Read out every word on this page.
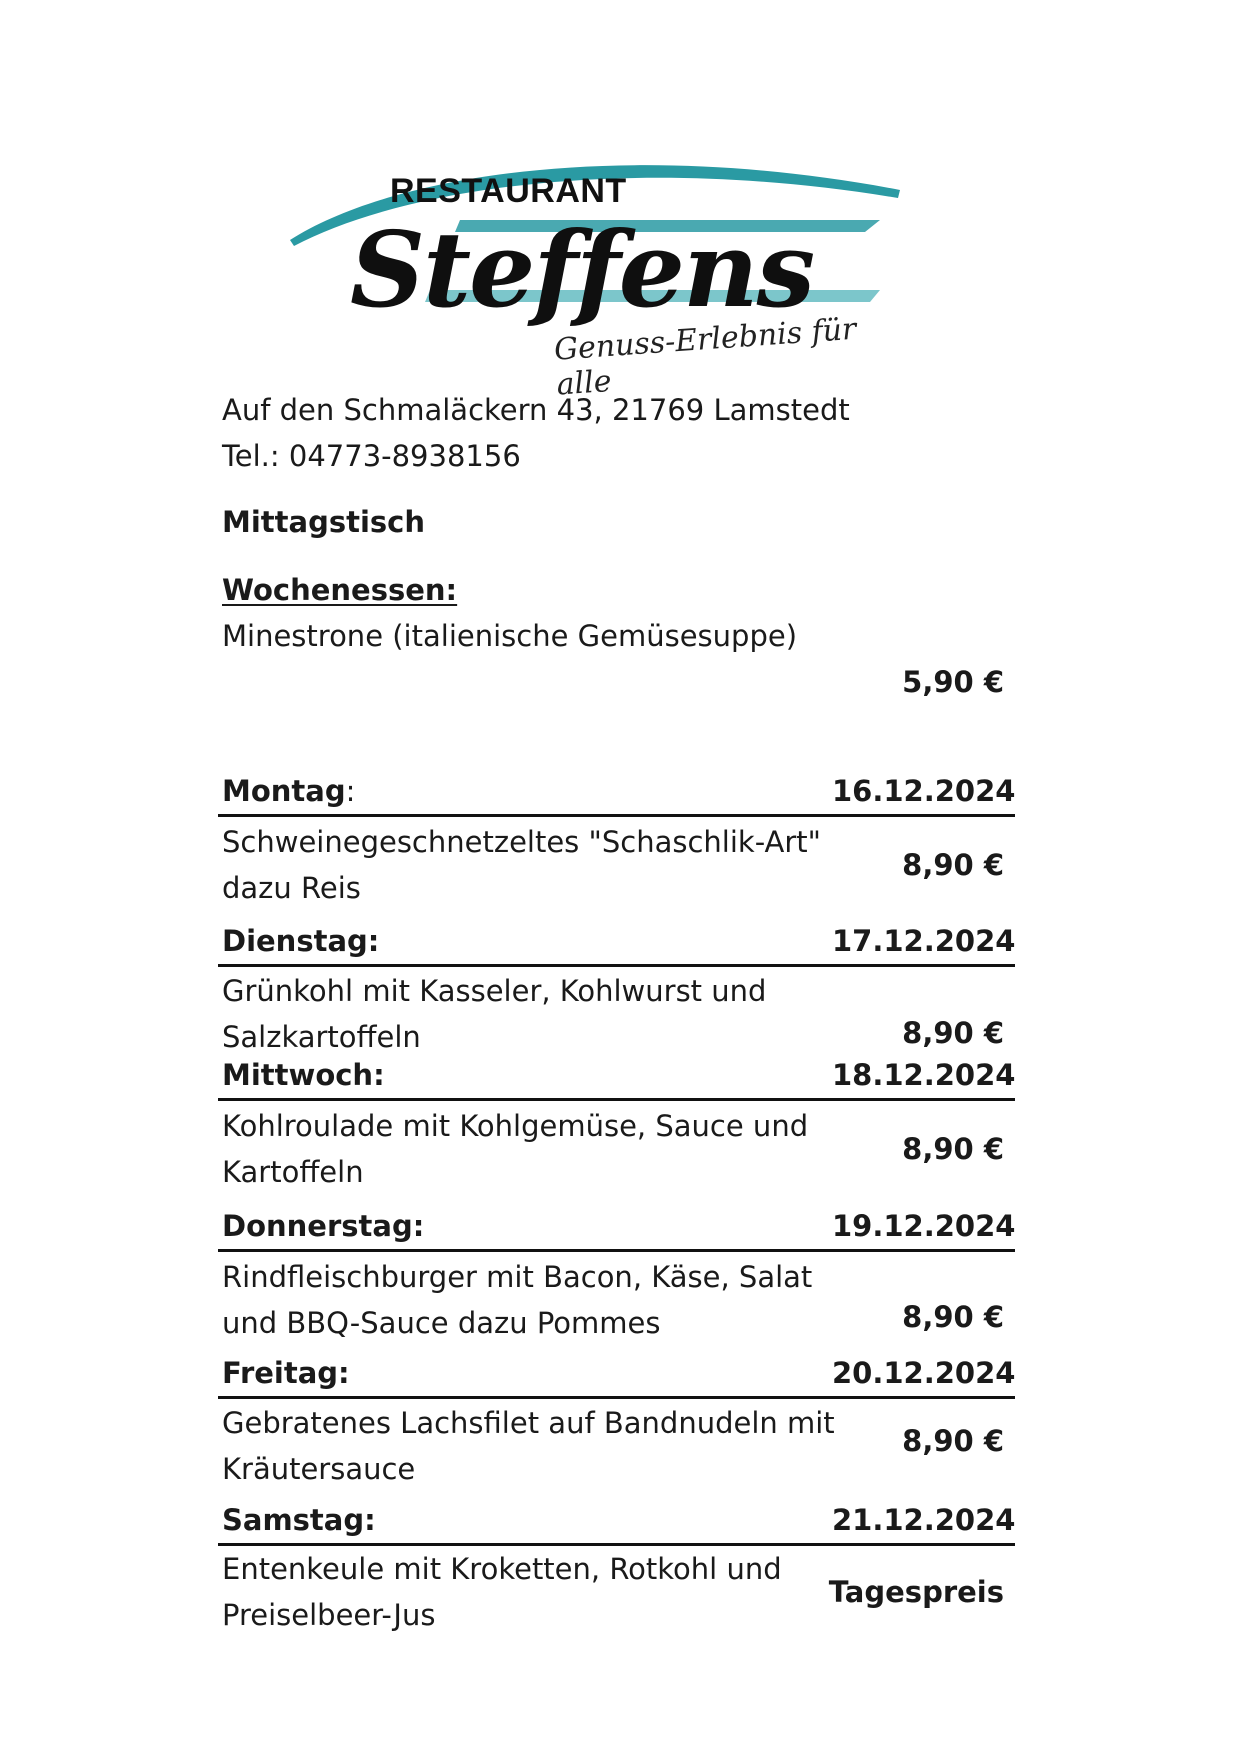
RESTAURANT
Steffens
Genuss-Erlebnis für alle
Auf den Schmaläckern 43, 21769 Lamstedt
Tel.: 04773-8938156
Mittagstisch
Wochenessen:
Minestrone (italienische Gemüsesuppe)
5,90 €
Montag:	16.12.2024
Schweinegeschnetzeltes "Schaschlik-Art"
dazu Reis
8,90 €
Dienstag:	17.12.2024
Grünkohl mit Kasseler, Kohlwurst und
Salzkartoffeln	8,90 €
Mittwoch:	18.12.2024
Kohlroulade mit Kohlgemüse, Sauce und
Kartoffeln
8,90 €
Donnerstag:	19.12.2024
Rindfleischburger mit Bacon, Käse, Salat
und BBQ-Sauce dazu Pommes	8,90 €
Freitag:	20.12.2024
Gebratenes Lachsfilet auf Bandnudeln mit
Kräutersauce
8,90 €
Samstag:	21.12.2024
Entenkeule mit Kroketten, Rotkohl und
Preiselbeer-Jus
Tagespreis
